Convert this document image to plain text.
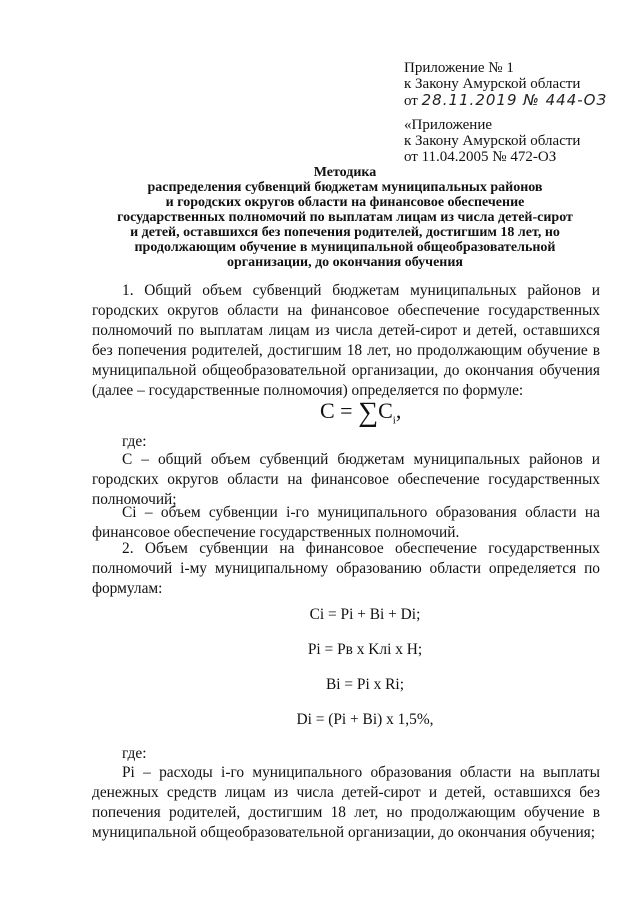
Приложение № 1
к Закону Амурской области
от 28.11.2019 № 444-ОЗ
«Приложение
к Закону Амурской области
от 11.04.2005 № 472-ОЗ
Методика
распределения субвенций бюджетам муниципальных районов
и городских округов области на финансовое обеспечение
государственных полномочий по выплатам лицам из числа детей-сирот
и детей, оставшихся без попечения родителей, достигшим 18 лет, но
продолжающим обучение в муниципальной общеобразовательной
организации, до окончания обучения
1. Общий объем субвенций бюджетам муниципальных районов и
городских округов области на финансовое обеспечение государственных
полномочий по выплатам лицам из числа детей-сирот и детей, оставшихся
без попечения родителей, достигшим 18 лет, но продолжающим обучение в
муниципальной общеобразовательной организации, до окончания обучения
(далее – государственные полномочия) определяется по формуле:
$C = \sum C_i$,
где:
С – общий объем субвенций бюджетам муниципальных районов и
городских округов области на финансовое обеспечение государственных
полномочий;
Сi – объем субвенции i-го муниципального образования области на
финансовое обеспечение государственных полномочий.
2. Объем субвенции на финансовое обеспечение государственных
полномочий i-му муниципальному образованию области определяется по
формулам:
Ci = Pi + Bi + Di;
Pi = Pв x Kлi x H;
Bi = Pi x Ri;
Di = (Pi + Bi) x 1,5%,
где:
Pi – расходы i-го муниципального образования области на выплаты
денежных средств лицам из числа детей-сирот и детей, оставшихся без
попечения родителей, достигшим 18 лет, но продолжающим обучение в
муниципальной общеобразовательной организации, до окончания обучения;
